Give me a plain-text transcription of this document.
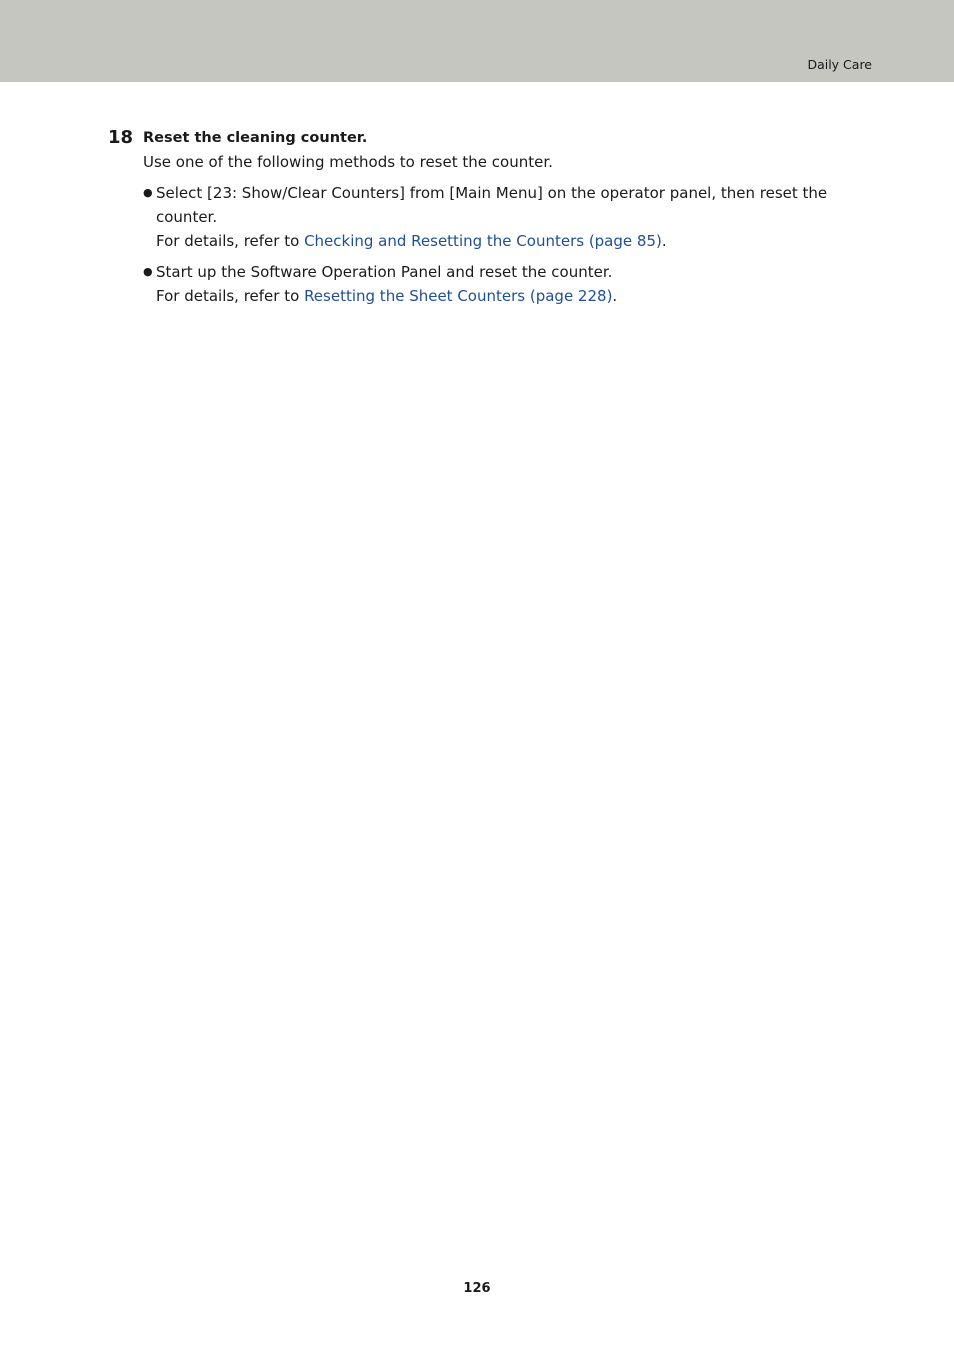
Daily Care
18 Reset the cleaning counter.
Use one of the following methods to reset the counter.
● Select [23: Show/Clear Counters] from [Main Menu] on the operator panel, then reset the counter.
For details, refer to Checking and Resetting the Counters (page 85).
● Start up the Software Operation Panel and reset the counter.
For details, refer to Resetting the Sheet Counters (page 228).
126
